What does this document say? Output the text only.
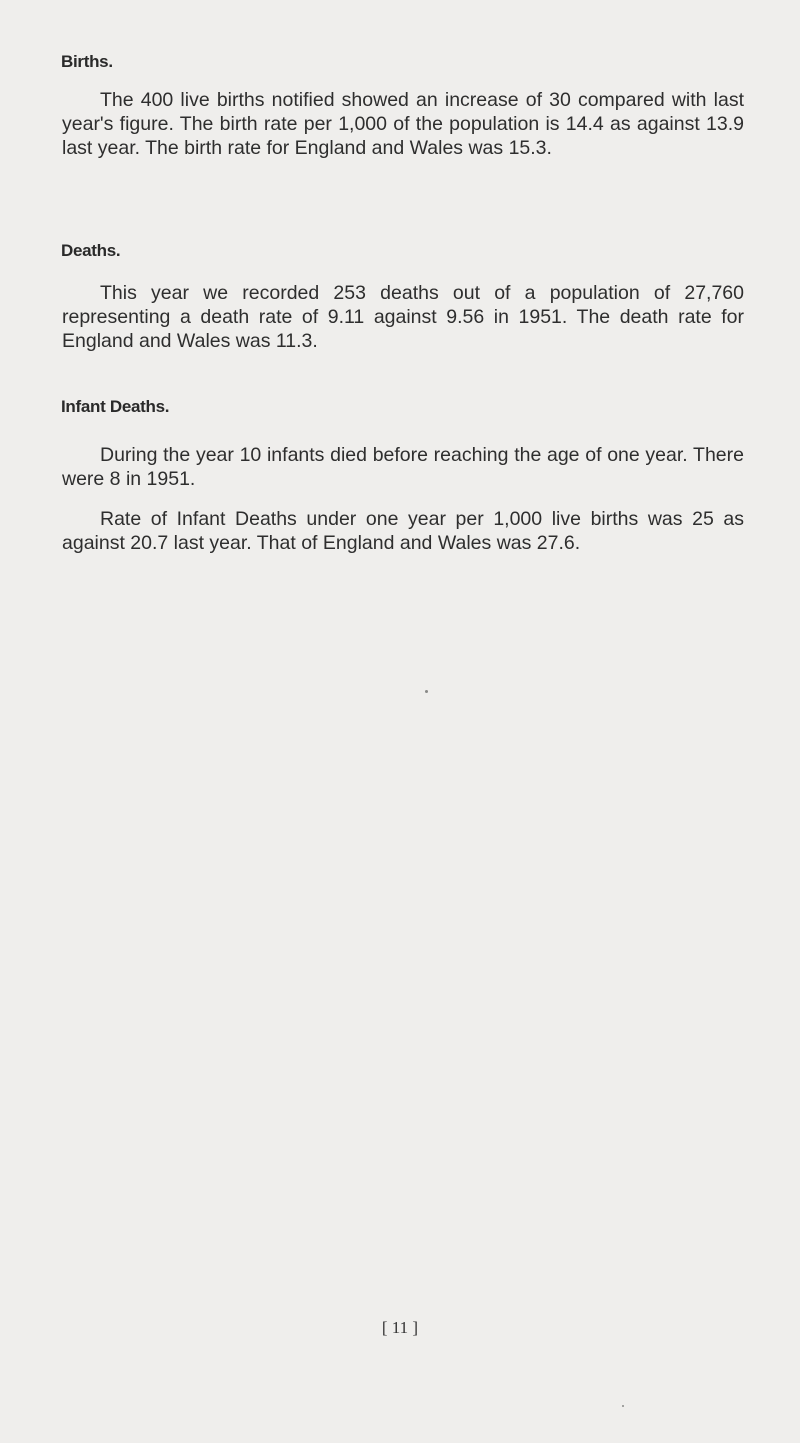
Births.

The 400 live births notified showed an increase of 30 compared with last year's figure. The birth rate per 1,000 of the population is 14.4 as against 13.9 last year. The birth rate for England and Wales was 15.3.

Deaths.

This year we recorded 253 deaths out of a population of 27,760 representing a death rate of 9.11 against 9.56 in 1951. The death rate for England and Wales was 11.3.

Infant Deaths.

During the year 10 infants died before reaching the age of one year. There were 8 in 1951.

Rate of Infant Deaths under one year per 1,000 live births was 25 as against 20.7 last year. That of England and Wales was 27.6.

[ 11 ]
